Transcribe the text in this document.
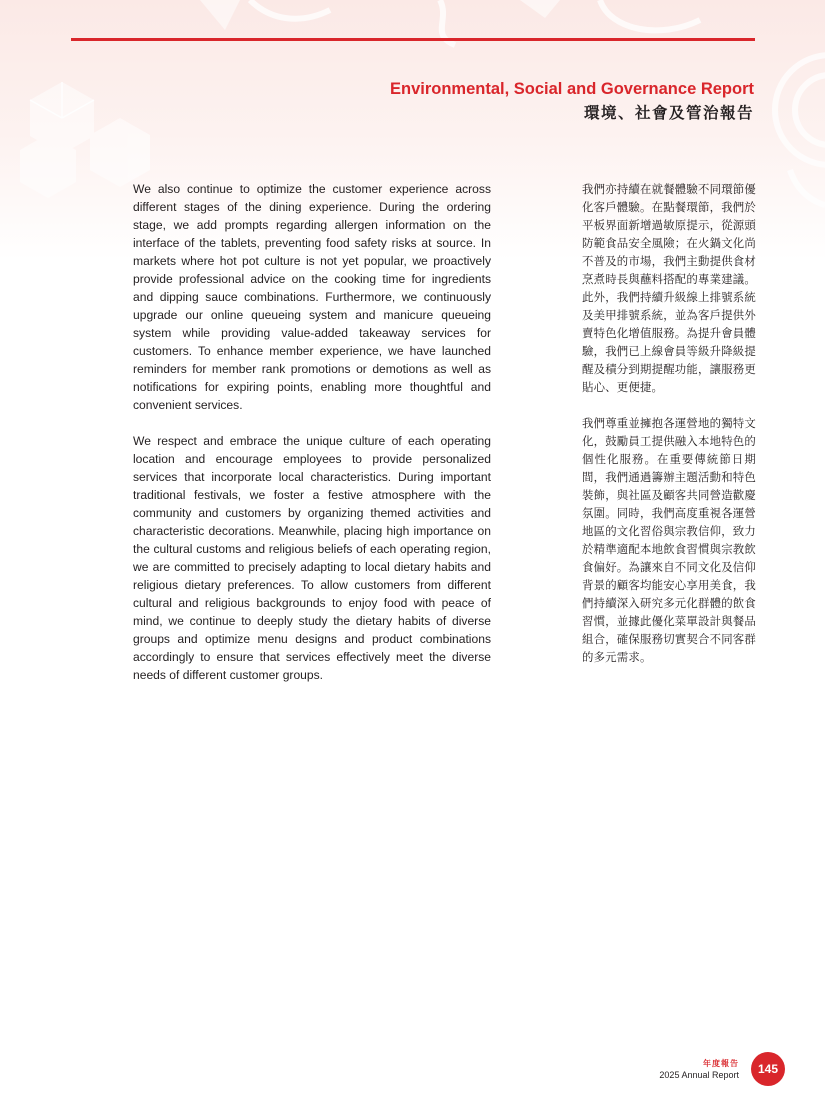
Environmental, Social and Governance Report
環境、社會及管治報告

We also continue to optimize the customer experience across different stages of the dining experience. During the ordering stage, we add prompts regarding allergen information on the interface of the tablets, preventing food safety risks at source. In markets where hot pot culture is not yet popular, we proactively provide professional advice on the cooking time for ingredients and dipping sauce combinations. Furthermore, we continuously upgrade our online queueing system and manicure queueing system while providing value-added takeaway services for customers. To enhance member experience, we have launched reminders for member rank promotions or demotions as well as notifications for expiring points, enabling more thoughtful and convenient services.

We respect and embrace the unique culture of each operating location and encourage employees to provide personalized services that incorporate local characteristics. During important traditional festivals, we foster a festive atmosphere with the community and customers by organizing themed activities and characteristic decorations. Meanwhile, placing high importance on the cultural customs and religious beliefs of each operating region, we are committed to precisely adapting to local dietary habits and religious dietary preferences. To allow customers from different cultural and religious backgrounds to enjoy food with peace of mind, we continue to deeply study the dietary habits of diverse groups and optimize menu designs and product combinations accordingly to ensure that services effectively meet the diverse needs of different customer groups.

我們亦持續在就餐體驗不同環節優化客戶體驗。在點餐環節，我們於平板界面新增過敏原提示，從源頭防範食品安全風險；在火鍋文化尚不普及的市場，我們主動提供食材烹煮時長與蘸料搭配的專業建議。此外，我們持續升級線上排號系統及美甲排號系統，並為客戶提供外賣特色化增值服務。為提升會員體驗，我們已上線會員等級升降級提醒及積分到期提醒功能，讓服務更貼心、更便捷。

我們尊重並擁抱各運營地的獨特文化，鼓勵員工提供融入本地特色的個性化服務。在重要傳統節日期間，我們通過籌辦主題活動和特色裝飾，與社區及顧客共同營造歡慶氛圍。同時，我們高度重視各運營地區的文化習俗與宗教信仰，致力於精準適配本地飲食習慣與宗教飲食偏好。為讓來自不同文化及信仰背景的顧客均能安心享用美食，我們持續深入研究多元化群體的飲食習慣，並據此優化菜單設計與餐品組合，確保服務切實契合不同客群的多元需求。

年度報告
2025 Annual Report	145
